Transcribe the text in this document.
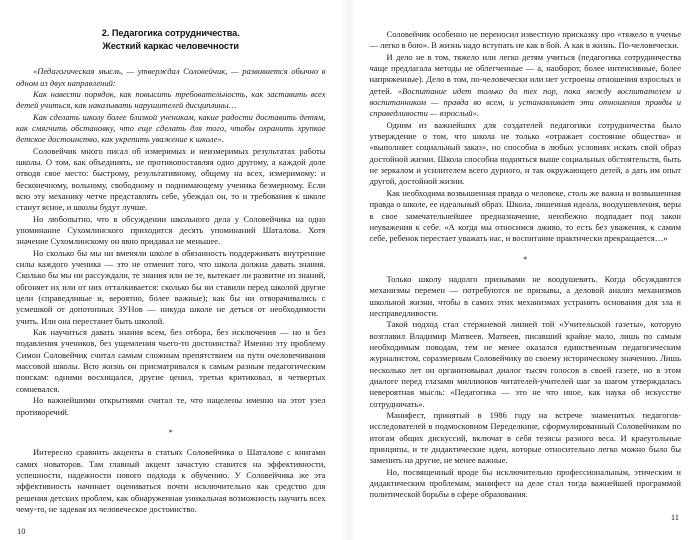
2. Педагогика сотрудничества.
Жесткий каркас человечности

«Педагогическая мысль, — утверждал Соловейчик, — развивается обычно в одном из двух направлений:

Как навести порядок, как повысить требовательность, как заставить всех детей учиться, как наказывать нарушителей дисциплины…

Как сделать школу более близкой ученикам, какие радости доставить детям, как смягчить обстановку, что еще сделать для того, чтобы охранить хрупкое детское достоинство, как укрепить уважение к школе».

Соловейчик много писал об измеримых и неизмеримых результатах работы школы. О том, как объединять, не противопоставляя одно другому, а каждой доле отводя свое место: быстрому, результативному, общему на всех, измеримому: и бесконечному, вольному, свободному и поднимающему ученика безмерному. Если всю эту механику четче представлять себе, убеждал он, то и требования к школе станут ясное, и школы будут лучше.

Но любопытно, что в обсуждении школьного дела у Соловейчика на одно упоминание Сухомлинского приходится десять упоминаний Шаталова. Хотя значение Сухомлинскому он явно придавал не меньшее.

Но сколько бы мы ни вменяли школе в обязанность поддерживать внутренние силы каждого ученика — это не отменит того, что школа должна давать знания. Сколько бы мы ни рассуждали, те знания или не те, вытекает ли развитие из знаний, обгоняет их или от них отталкивается: сколько бы ни ставили перед школой другие цели (справедливые и, вероятно, более важные); как бы ни отворачивались с усмешкой от допотопных ЗУНов — никуда школе не деться от необходимости учить. Или она перестанет быть школой.

Как научиться давать знания всем, без отбора, без исключения — но и без подавления учеников, без ущемления чьего-то достоинства? Именно эту проблему Симон Соловейчик считал самым сложным препятствием на пути очеловечивания массовой школы. Всю жизнь он присматривался к самым разным педагогическим поискам: одними восхищался, другие ценил, третьи критиковал, в четвертых сомневался.

Но важнейшими открытиями считал те, что нацелены именно на этот узел противоречий.

*

Интересно сравнить акценты в статьях Соловейчика о Шаталове с книгами самих новаторов. Там главный акцент зачастую ставится на эффективности, успешности, надежности нового подхода к обучению. У Соловейчика же эта эффективность начинает оцениваться почти исключительно как средство для решения детских проблем, как обнаруженная уникальная возможность научить всех чему-то, не задевая их человеческое достоинство.

10

Соловейчик особенно не переносил известную присказку про «тяжело в ученье — легко в бою». В жизнь надо вступать не как в бой. А как в жизнь. По-человечески.

И дело не в том, тяжело или легко детям учиться (педагогика сотрудничества чаще предлагала методы не облегченные — а, наоборот, более интенсивные, более напряженные). Дело в том, по-человечески или нет устроены отношения взрослых и детей. «Воспитание идет только до тех пор, пока между воспитателем и воспитанником — правда во всем, и устанавливает эти отношения правды и справедливости — взрослый».

Одним из важнейших для создателей педагогики сотрудничества было утверждение о том, что школа не только «отражает состояние общества» и «выполняет социальный заказ», но способна в любых условиях искать свой образ достойной жизни. Школа способна подняться выше социальных обстоятельств, быть не зеркалом и усилителем всего дурного, и так окружающего детей, а дать им опыт другой, достойной жизни.

Как необходима возвышенная правда о человеке, столь же важна и возвышенная правда о школе, ее идеальный образ. Школа, лишенная идеала, воодушевления, веры в свое замечательнейшее предназначение, неизбежно подпадает под закон неуважения к себе. «А когда мы относимся лживо, то есть без уважения, к самим себе, ребенок перестает уважать нас, и воспитание практически прекращается…»

*

Только школу надолго призывами не воодушевить. Когда обсуждаются механизмы перемен — потребуются не призывы, а деловой анализ механизмов школьной жизни, чтобы в самих этих механизмах устранять основания для зла и несправедливости.

Такой подход стал стержневой линией той «Учительской газеты», которую возглавил Владимир Матвеев. Матвеев, писавший крайне мало, лишь по самым необходимым поводам, тем не менее оказался единственным педагогическим журналистом, соразмерным Соловейчику по своему историческому значению. Лишь несколько лет он организовывал диалог тысяч голосов в своей газете, но в этом диалоге перед глазами миллионов читателей-учителей шаг за шагом утверждалась невероятная мысль: «Педагогика — это не что иное, как наука об искусстве сотрудничать».

Манифест, принятый в 1986 году на встрече знаменитых педагогов-исследователей в подмосковном Переделкине, сформулированный Соловейчиком по итогам общих дискуссий, включат в себя тезисы разного веса. И краеугольные принципы, и те дидактические идеи, которые относительно легко можно было бы заменить на другие, не менее важные.

Но, посвященный вроде бы исключительно профессиональным, этическим и дидактическим проблемам, манифест на деле стал тогда важнейшей программой политической борьбы в сфере образования.

11
